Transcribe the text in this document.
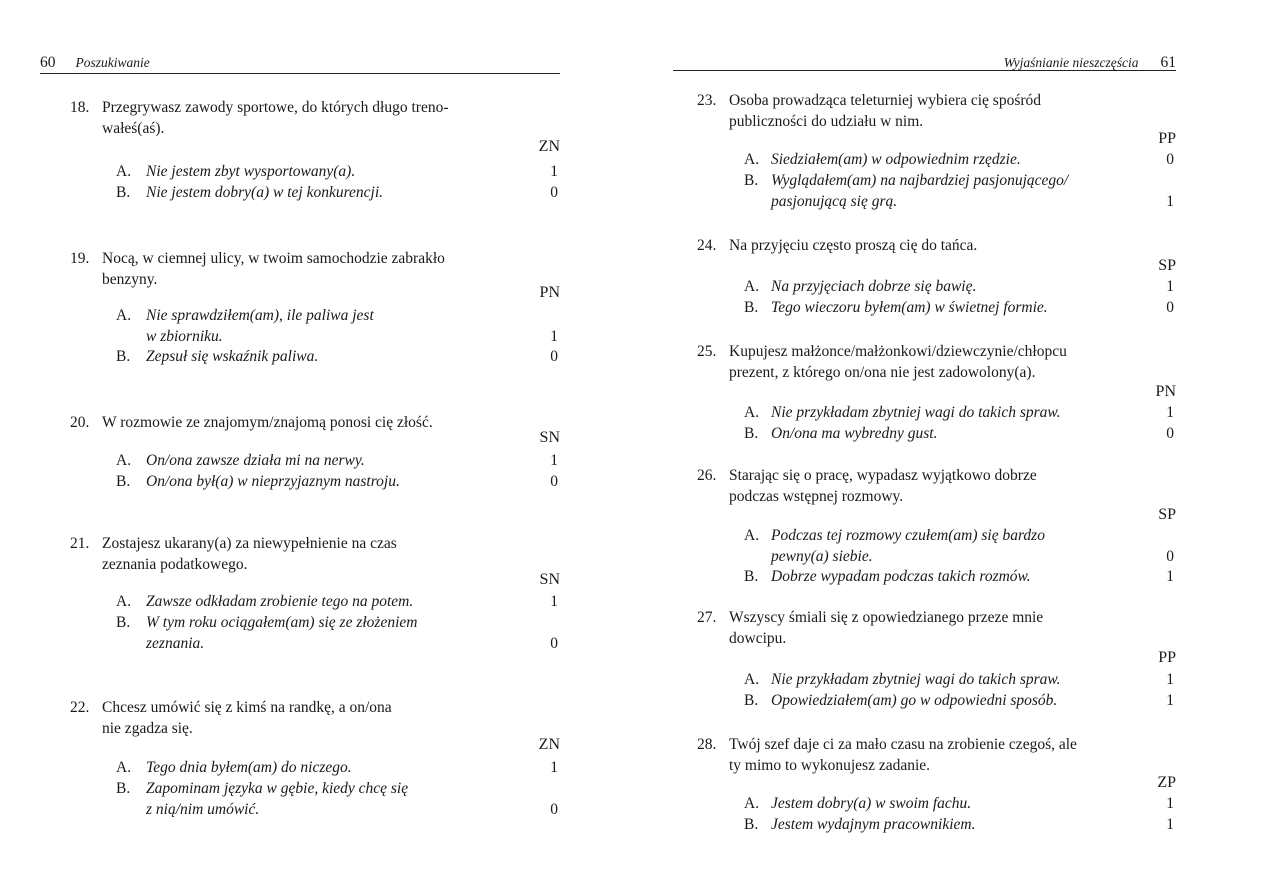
60 Poszukiwanie
18. Przegrywasz zawody sportowe, do których długo treno-
wałeś(aś).
ZN
A. Nie jestem zbyt wysportowany(a).	1
B. Nie jestem dobry(a) w tej konkurencji.	0
19. Nocą, w ciemnej ulicy, w twoim samochodzie zabrakło
benzyny.
PN
A. Nie sprawdziłem(am), ile paliwa jest
w zbiorniku.	1
B. Zepsuł się wskaźnik paliwa.	0
20. W rozmowie ze znajomym/znajomą ponosi cię złość.
SN
A. On/ona zawsze działa mi na nerwy.	1
B. On/ona był(a) w nieprzyjaznym nastroju.	0
21. Zostajesz ukarany(a) za niewypełnienie na czas
zeznania podatkowego.
SN
A. Zawsze odkładam zrobienie tego na potem.	1
B. W tym roku ociągałem(am) się ze złożeniem
zeznania.	0
22. Chcesz umówić się z kimś na randkę, a on/ona
nie zgadza się.
ZN
A. Tego dnia byłem(am) do niczego.	1
B. Zapominam języka w gębie, kiedy chcę się
z nią/nim umówić.	0
Wyjaśnianie nieszczęścia 61
23. Osoba prowadząca teleturniej wybiera cię spośród
publiczności do udziału w nim.
PP
A. Siedziałem(am) w odpowiednim rzędzie.	0
B. Wyglądałem(am) na najbardziej pasjonującego/
pasjonującą się grą.	1
24. Na przyjęciu często proszą cię do tańca.
SP
A. Na przyjęciach dobrze się bawię.	1
B. Tego wieczoru byłem(am) w świetnej formie.	0
25. Kupujesz małżonce/małżonkowi/dziewczynie/chłopcu
prezent, z którego on/ona nie jest zadowolony(a).
PN
A. Nie przykładam zbytniej wagi do takich spraw.	1
B. On/ona ma wybredny gust.	0
26. Starając się o pracę, wypadasz wyjątkowo dobrze
podczas wstępnej rozmowy.
SP
A. Podczas tej rozmowy czułem(am) się bardzo
pewny(a) siebie.	0
B. Dobrze wypadam podczas takich rozmów.	1
27. Wszyscy śmiali się z opowiedzianego przeze mnie
dowcipu.
PP
A. Nie przykładam zbytniej wagi do takich spraw.	1
B. Opowiedziałem(am) go w odpowiedni sposób.	1
28. Twój szef daje ci za mało czasu na zrobienie czegoś, ale
ty mimo to wykonujesz zadanie.
ZP
A. Jestem dobry(a) w swoim fachu.	1
B. Jestem wydajnym pracownikiem.	1
